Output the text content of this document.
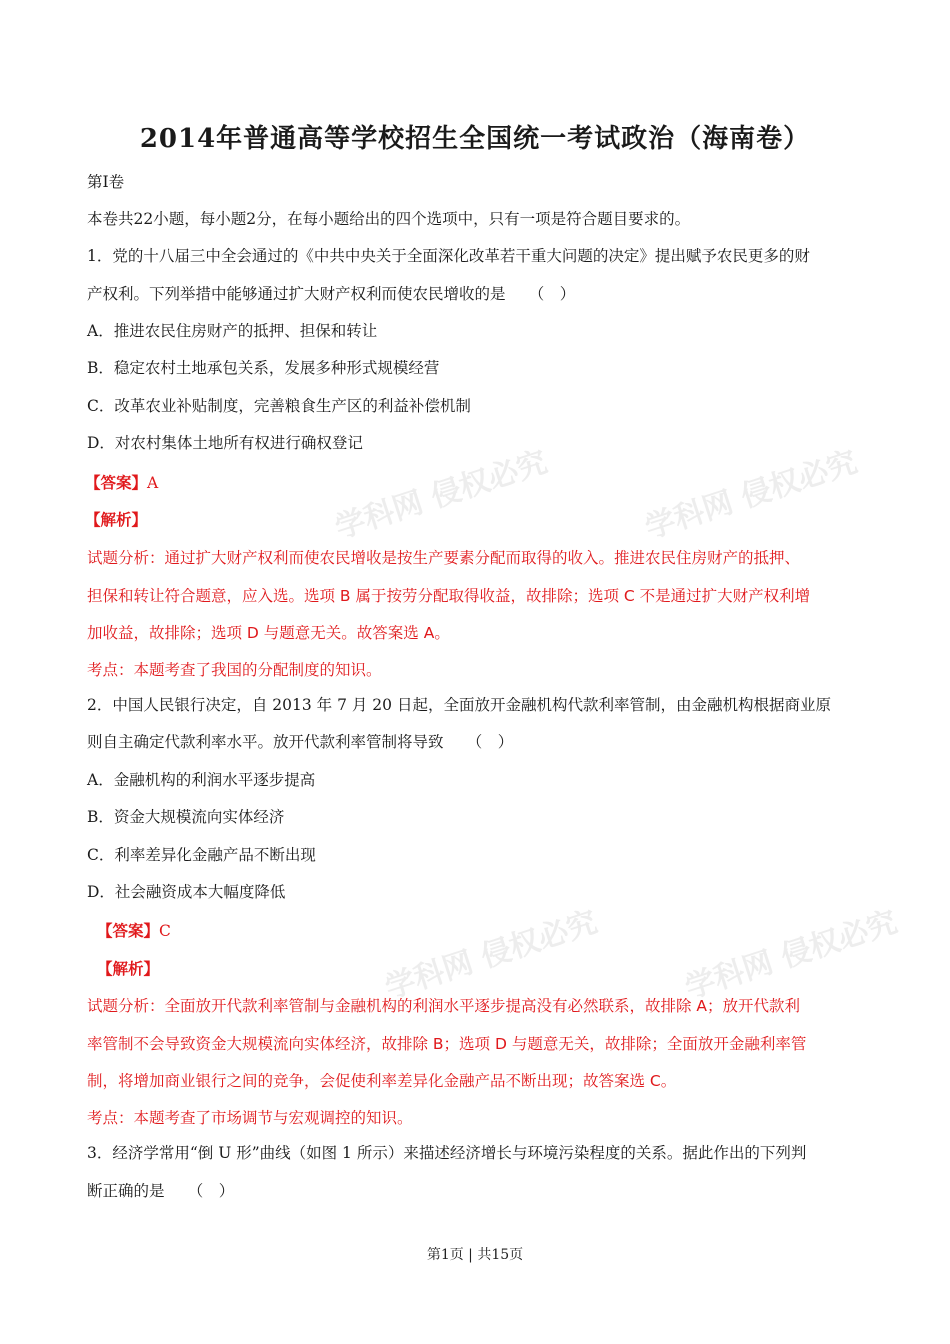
学科网 侵权必究	学科网 侵权必究
学科网 侵权必究	学科网 侵权必究
2014年普通高等学校招生全国统一考试政治（海南卷）
第Ⅰ卷
本卷共22小题，每小题2分，在每小题给出的四个选项中，只有一项是符合题目要求的。
1．党的十八届三中全会通过的《中共中央关于全面深化改革若干重大问题的决定》提出赋予农民更多的财
产权利。下列举措中能够通过扩大财产权利而使农民增收的是　　（　）
A．推进农民住房财产的抵押、担保和转让
B．稳定农村土地承包关系，发展多种形式规模经营
C．改革农业补贴制度，完善粮食生产区的利益补偿机制
D．对农村集体土地所有权进行确权登记
【答案】A
【解析】
试题分析：通过扩大财产权利而使农民增收是按生产要素分配而取得的收入。推进农民住房财产的抵押、
担保和转让符合题意，应入选。选项 B 属于按劳分配取得收益，故排除；选项 C 不是通过扩大财产权利增
加收益，故排除；选项 D 与题意无关。故答案选 A。
考点：本题考查了我国的分配制度的知识。
2．中国人民银行决定，自 2013 年 7 月 20 日起，全面放开金融机构代款利率管制，由金融机构根据商业原
则自主确定代款利率水平。放开代款利率管制将导致　　（　）
A．金融机构的利润水平逐步提高
B．资金大规模流向实体经济
C．利率差异化金融产品不断出现
D．社会融资成本大幅度降低
【答案】C
【解析】
试题分析：全面放开代款利率管制与金融机构的利润水平逐步提高没有必然联系，故排除 A；放开代款利
率管制不会导致资金大规模流向实体经济，故排除 B；选项 D 与题意无关，故排除；全面放开金融利率管
制，将增加商业银行之间的竞争，会促使利率差异化金融产品不断出现；故答案选 C。
考点：本题考查了市场调节与宏观调控的知识。
3．经济学常用“倒 U 形”曲线（如图 1 所示）来描述经济增长与环境污染程度的关系。据此作出的下列判
断正确的是　　（　）
第1页 | 共15页
